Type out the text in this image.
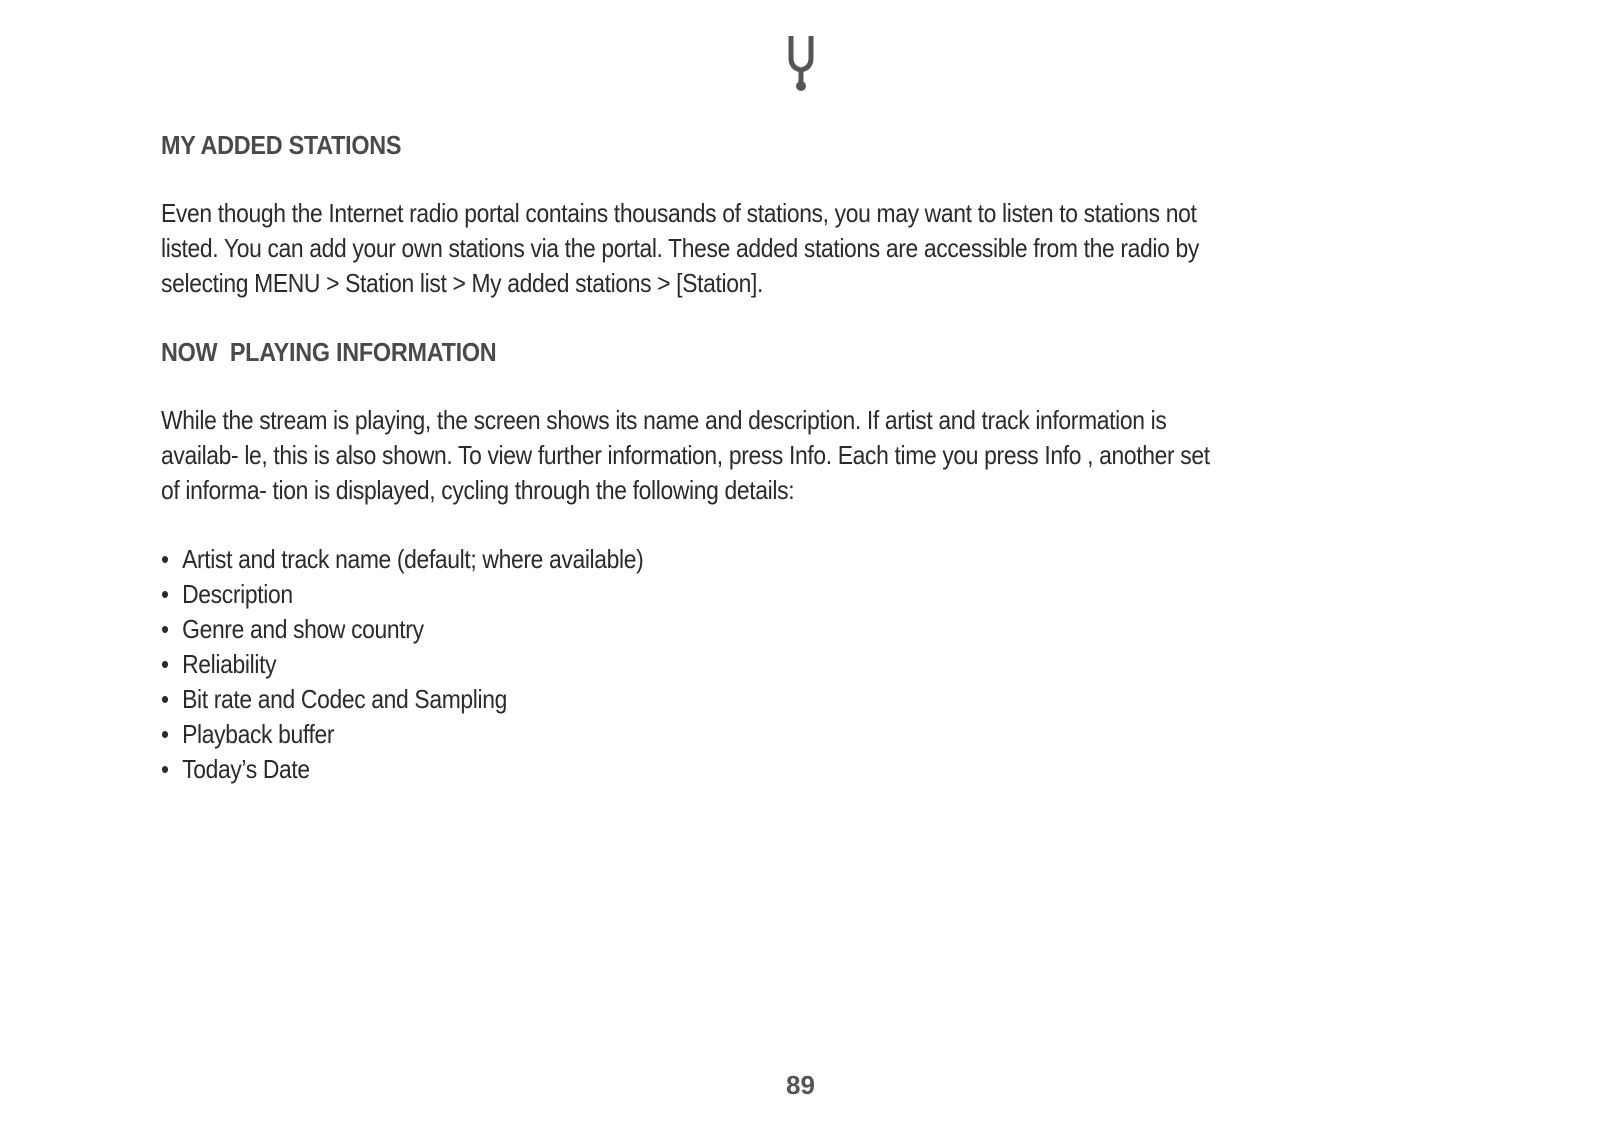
MY ADDED STATIONS

Even though the Internet radio portal contains thousands of stations, you may want to listen to stations not
listed. You can add your own stations via the portal. These added stations are accessible from the radio by
selecting MENU > Station list > My added stations > [Station].

NOW  PLAYING INFORMATION

While the stream is playing, the screen shows its name and description. If artist and track information is
availab- le, this is also shown. To view further information, press Info. Each time you press Info , another set
of informa- tion is displayed, cycling through the following details:

• Artist and track name (default; where available)
• Description
• Genre and show country
• Reliability
• Bit rate and Codec and Sampling
• Playback buffer
• Today’s Date
89
